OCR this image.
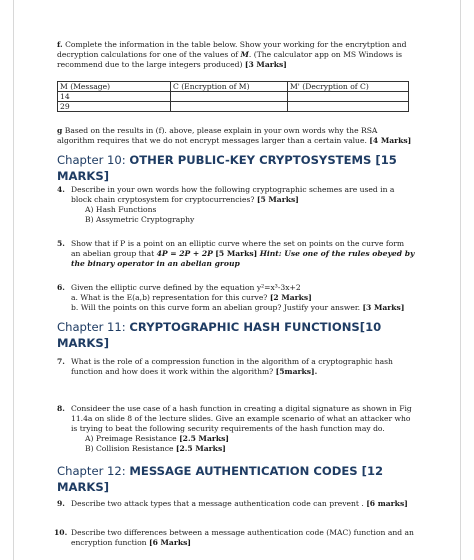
f. Complete the information in the table below. Show your working for the encrytption and decryption calculations for one of the values of M. (The calculator app on MS Windows is recommend due to the large integers produced) [3 Marks]

M (Message)	C (Encryption of M)	M' (Decryption of C)
14		
29		

g Based on the results in (f). above, please explain in your own words why the RSA algorithm requires that we do not encrypt messages larger than a certain value. [4 Marks]

Chapter 10: OTHER PUBLIC-KEY CRYPTOSYSTEMS [15 MARKS]

4. Describe in your own words how the following cryptographic schemes are used in a block chain cryptosystem for cryptocurrencies? [5 Marks]

A) Hash Functions

B) Assymetric Cryptography

5. Show that if P is a point on an elliptic curve where the set on points on the curve form an abelian group that 4P = 2P + 2P [5 Marks] Hint: Use one of the rules obeyed by the binary operator in an abelian group
6. Given the elliptic curve defined by the equation y²=x³-3x+2
a. What is the E(a,b) representation for this curve? [2 Marks]
b. Will the points on this curve form an abelian group? Justify your answer. [3 Marks]

Chapter 11: CRYPTOGRAPHIC HASH FUNCTIONS[10 MARKS]

7. What is the role of a compression function in the algorithm of a cryptographic hash function and how does it work within the algorithm? [5marks].
8. Consideer the use case of a hash function in creating a digital signature as shown in Fig 11.4a on slide 8 of the lecture slides. Give an example scenario of what an attacker who is trying to beat the following security requirements of the hash function may do.

A) Preimage Resistance [2.5 Marks]

B) Collision Resistance [2.5 Marks]

Chapter 12: MESSAGE AUTHENTICATION CODES [12 MARKS]

9. Describe two attack types that a message authentication code can prevent . [6 marks]
10. Describe two differences between a message authentication code (MAC) function and an encryption function [6 Marks]
